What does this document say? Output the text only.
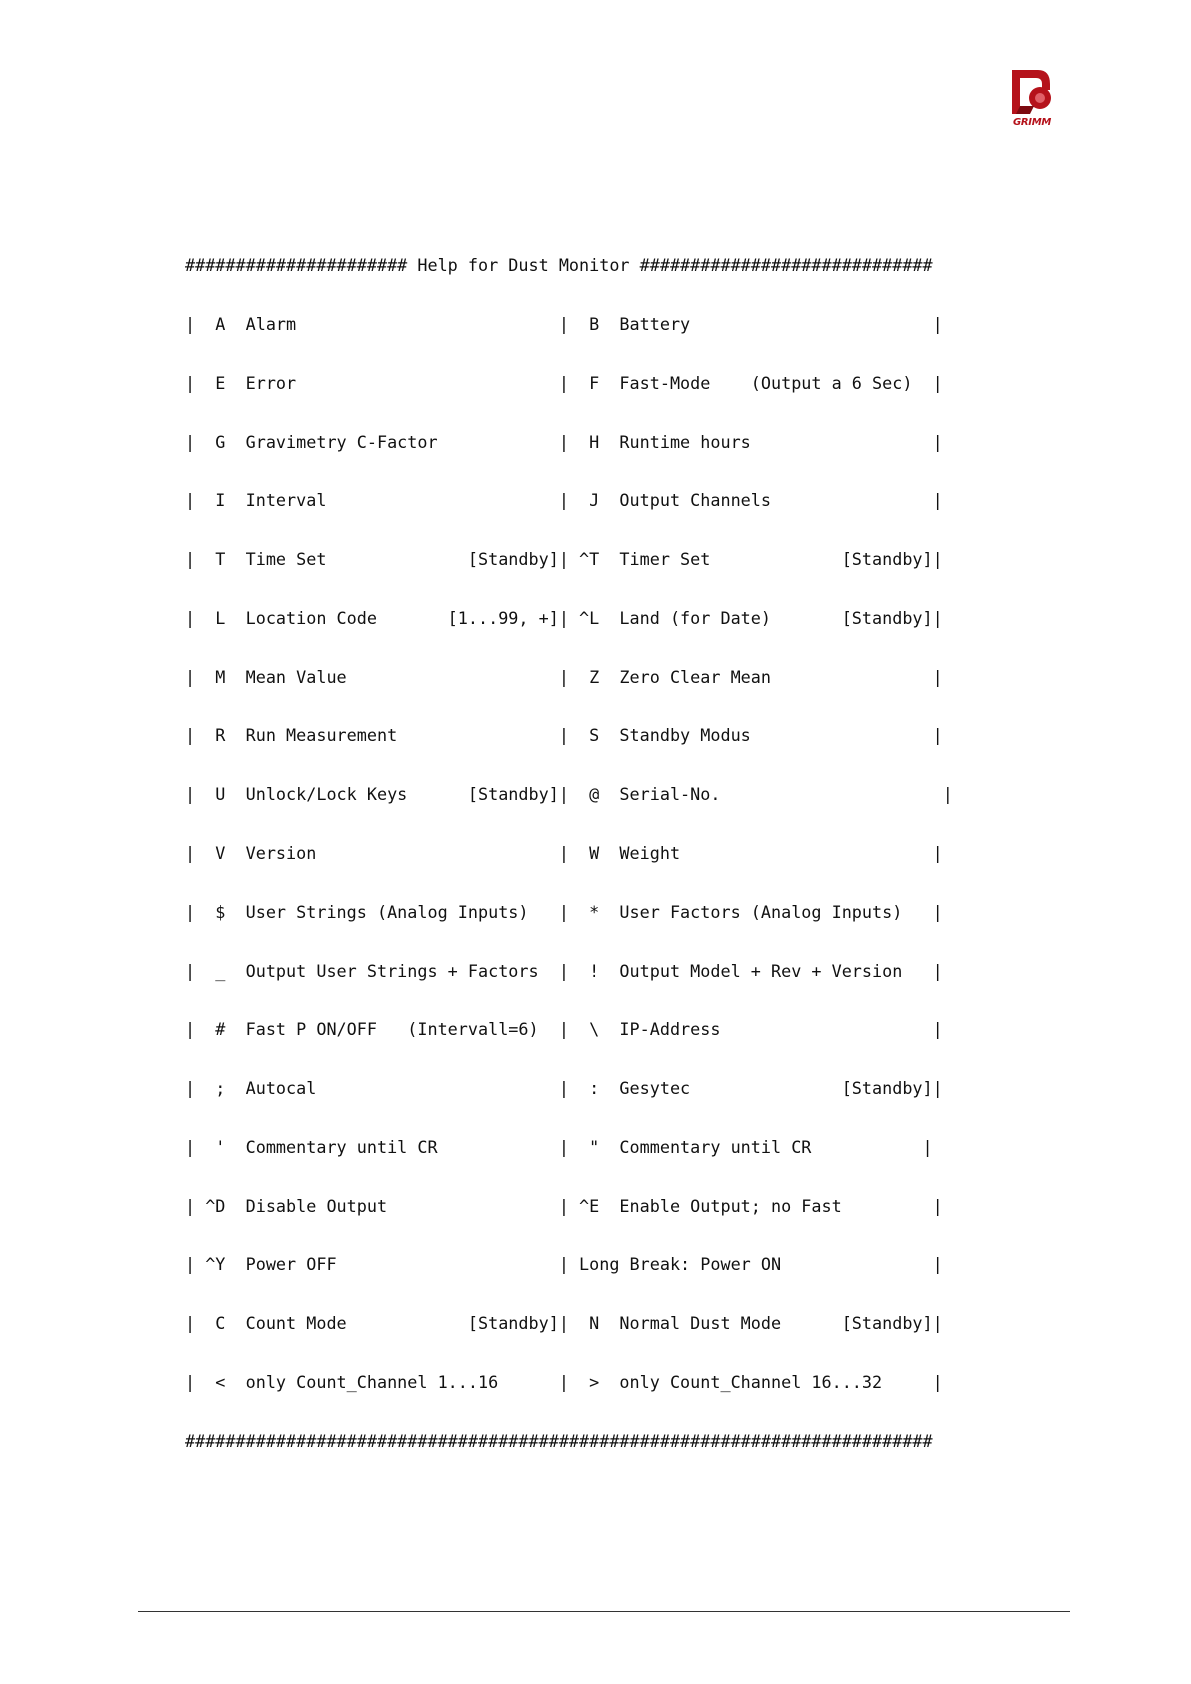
GRIMM

###################### Help for Dust Monitor #############################

|  A  Alarm                          |  B  Battery                        |

|  E  Error                          |  F  Fast-Mode    (Output a 6 Sec)  |

|  G  Gravimetry C-Factor            |  H  Runtime hours                  |

|  I  Interval                       |  J  Output Channels                |

|  T  Time Set              [Standby]| ^T  Timer Set             [Standby]|

|  L  Location Code       [1...99, +]| ^L  Land (for Date)       [Standby]|

|  M  Mean Value                     |  Z  Zero Clear Mean                |

|  R  Run Measurement                |  S  Standby Modus                  |

|  U  Unlock/Lock Keys      [Standby]|  @  Serial-No.                      |

|  V  Version                        |  W  Weight                         |

|  $  User Strings (Analog Inputs)   |  *  User Factors (Analog Inputs)   |

|  _  Output User Strings + Factors  |  !  Output Model + Rev + Version   |

|  #  Fast P ON/OFF   (Intervall=6)  |  \  IP-Address                     |

|  ;  Autocal                        |  :  Gesytec               [Standby]|

|  '  Commentary until CR            |  "  Commentary until CR           |

| ^D  Disable Output                 | ^E  Enable Output; no Fast         |

| ^Y  Power OFF                      | Long Break: Power ON               |

|  C  Count Mode            [Standby]|  N  Normal Dust Mode      [Standby]|

|  <  only Count_Channel 1...16      |  >  only Count_Channel 16...32     |

##########################################################################
